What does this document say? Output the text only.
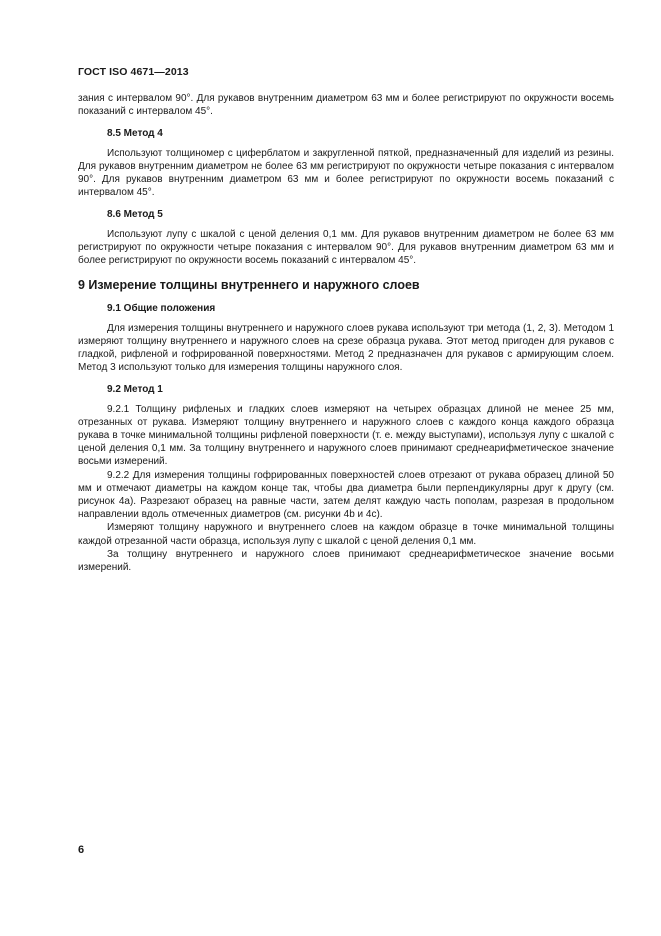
ГОСТ ISO 4671—2013

зания с интервалом 90°. Для рукавов внутренним диаметром 63 мм и более регистрируют по окружности восемь показаний с интервалом 45°.

8.5 Метод 4

Используют толщиномер с циферблатом и закругленной пяткой, предназначенный для изделий из резины. Для рукавов внутренним диаметром не более 63 мм регистрируют по окружности четыре показания с интервалом 90°. Для рукавов внутренним диаметром 63 мм и более регистрируют по окружности восемь показаний с интервалом 45°.

8.6 Метод 5

Используют лупу с шкалой с ценой деления 0,1 мм. Для рукавов внутренним диаметром не более 63 мм регистрируют по окружности четыре показания с интервалом 90°. Для рукавов внутренним диаметром 63 мм и более регистрируют по окружности восемь показаний с интервалом 45°.

9 Измерение толщины внутреннего и наружного слоев
9.1 Общие положения

Для измерения толщины внутреннего и наружного слоев рукава используют три метода (1, 2, 3). Методом 1 измеряют толщину внутреннего и наружного слоев на срезе образца рукава. Этот метод пригоден для рукавов с гладкой, рифленой и гофрированной поверхностями. Метод 2 предназначен для рукавов с армирующим слоем. Метод 3 используют только для измерения толщины наружного слоя.

9.2 Метод 1

9.2.1 Толщину рифленых и гладких слоев измеряют на четырех образцах длиной не менее 25 мм, отрезанных от рукава. Измеряют толщину внутреннего и наружного слоев с каждого конца каждого образца рукава в точке минимальной толщины рифленой поверхности (т. е. между выступами), используя лупу с шкалой с ценой деления 0,1 мм. За толщину внутреннего и наружного слоев принимают среднеарифметическое значение восьми измерений.

9.2.2 Для измерения толщины гофрированных поверхностей слоев отрезают от рукава образец длиной 50 мм и отмечают диаметры на каждом конце так, чтобы два диаметра были перпендикулярны друг к другу (см. рисунок 4a). Разрезают образец на равные части, затем делят каждую часть пополам, разрезая в продольном направлении вдоль отмеченных диаметров (см. рисунки 4b и 4c).

Измеряют толщину наружного и внутреннего слоев на каждом образце в точке минимальной толщины каждой отрезанной части образца, используя лупу с шкалой с ценой деления 0,1 мм.

За толщину внутреннего и наружного слоев принимают среднеарифметическое значение восьми измерений.

6
